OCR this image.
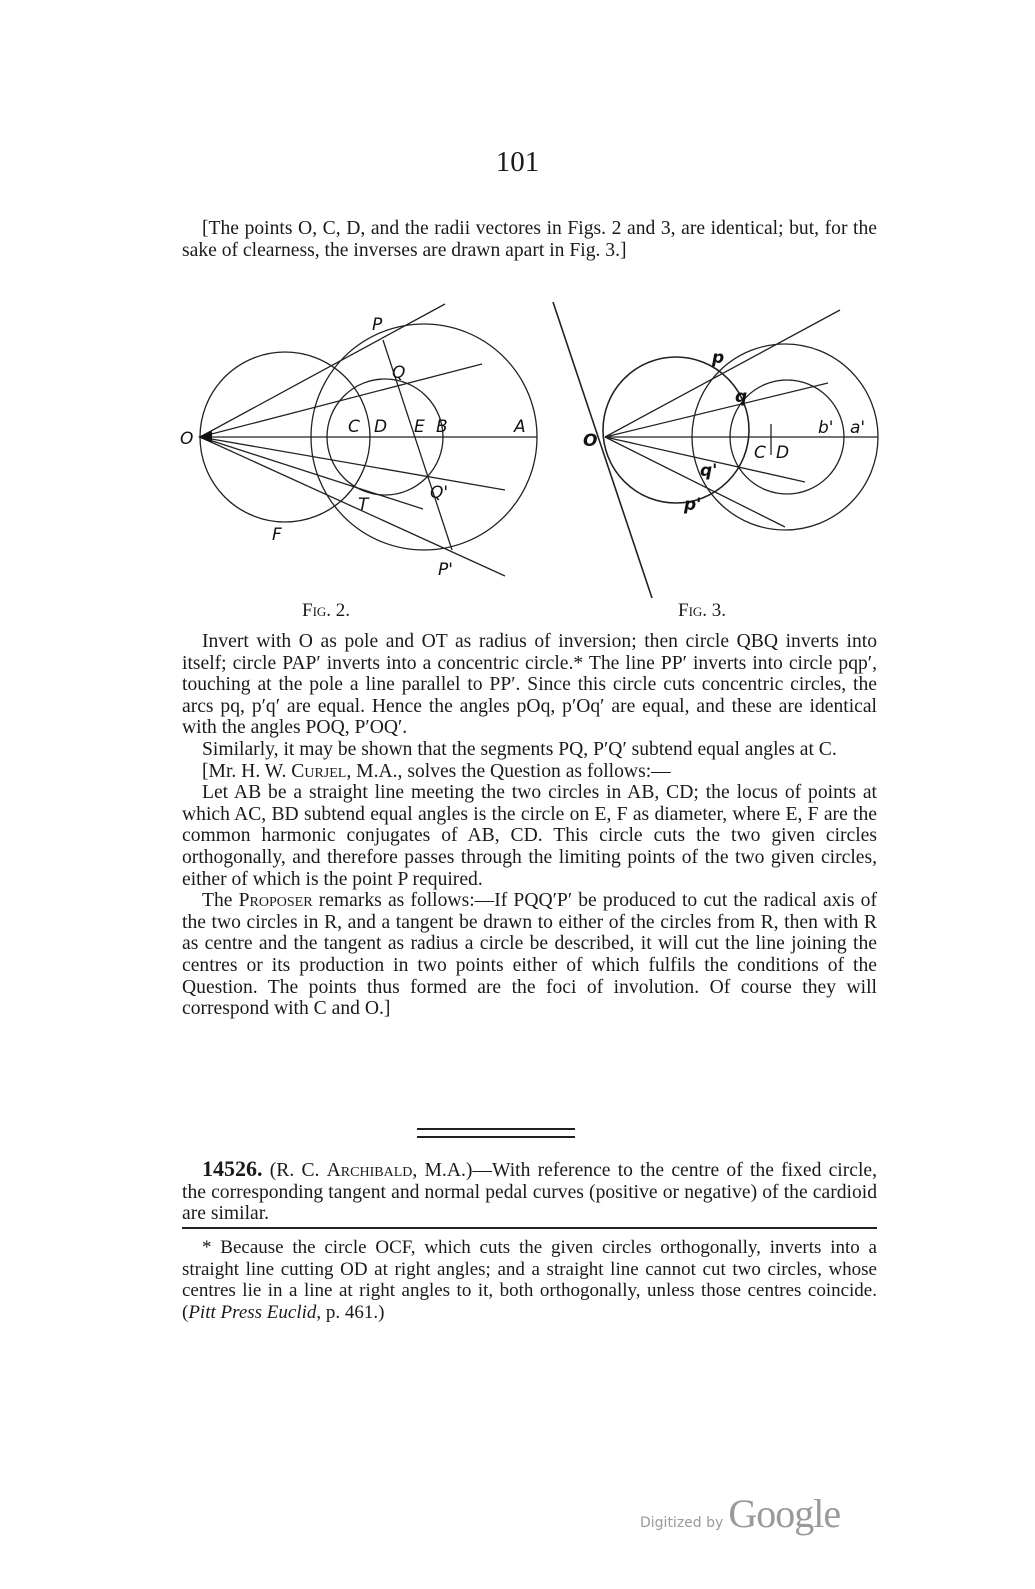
101

[The points O, C, D, and the radii vectores in Figs. 2 and 3, are identical; but, for the sake of clearness, the inverses are drawn apart in Fig. 3.]

O
P
Q
C D E B	A
T
Q'
F
P'
O
p
q
C D
b' a'
q'
p'
Fig. 2.	Fig. 3.

Invert with O as pole and OT as radius of inversion; then circle QBQ inverts into itself; circle PAP′ inverts into a concentric circle.* The line PP′ inverts into circle pqp′, touching at the pole a line parallel to PP′. Since this circle cuts concentric circles, the arcs pq, p′q′ are equal. Hence the angles pOq, p′Oq′ are equal, and these are identical with the angles POQ, P′OQ′.

Similarly, it may be shown that the segments PQ, P′Q′ subtend equal angles at C.

[Mr. H. W. Curjel, M.A., solves the Question as follows:—

Let AB be a straight line meeting the two circles in AB, CD; the locus of points at which AC, BD subtend equal angles is the circle on E, F as diameter, where E, F are the common harmonic conjugates of AB, CD. This circle cuts the two given circles orthogonally, and therefore passes through the limiting points of the two given circles, either of which is the point P required.

The Proposer remarks as follows:—If PQQ′P′ be produced to cut the radical axis of the two circles in R, and a tangent be drawn to either of the circles from R, then with R as centre and the tangent as radius a circle be described, it will cut the line joining the centres or its production in two points either of which fulfils the conditions of the Question. The points thus formed are the foci of involution. Of course they will correspond with C and O.]

14526. (R. C. Archibald, M.A.)—With reference to the centre of the fixed circle, the corresponding tangent and normal pedal curves (positive or negative) of the cardioid are similar.

* Because the circle OCF, which cuts the given circles orthogonally, inverts into a straight line cutting OD at right angles; and a straight line cannot cut two circles, whose centres lie in a line at right angles to it, both orthogonally, unless those centres coincide. (Pitt Press Euclid, p. 461.)

Digitized by Google
